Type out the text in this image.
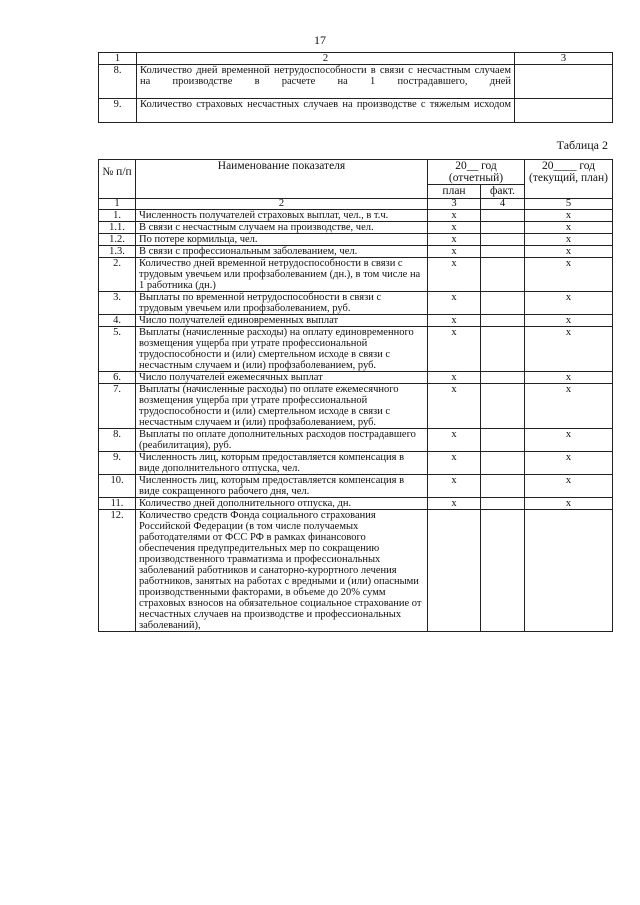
17
1	2	3
8.	Количество дней временной нетрудоспособности в связи с несчастным случаем на производстве в расчете на 1 пострадавшего, дней	
9.	Количество страховых несчастных случаев на производстве с тяжелым исходом	
Таблица 2
№ п/п	Наименование показателя	20__ год (отчетный)		20____ год (текущий, план)
		план	факт.	
1	2	3	4	5
1.	Численность получателей страховых выплат, чел., в т.ч.	x		x
1.1.	В связи с несчастным случаем на производстве, чел.	x		x
1.2.	По потере кормильца, чел.	x		x
1.3.	В связи с профессиональным заболеванием, чел.	x		x
2.	Количество дней временной нетрудоспособности в связи с трудовым увечьем или профзаболеванием (дн.), в том числе на 1 работника (дн.)	x		x
3.	Выплаты по временной нетрудоспособности в связи с трудовым увечьем или профзаболеванием, руб.	x		x
4.	Число получателей единовременных выплат	x		x
5.	Выплаты (начисленные расходы) на оплату единовременного возмещения ущерба при утрате профессиональной трудоспособности и (или) смертельном исходе в связи с несчастным случаем и (или) профзаболеванием, руб.	x		x
6.	Число получателей ежемесячных выплат	x		x
7.	Выплаты (начисленные расходы) по оплате ежемесячного возмещения ущерба при утрате профессиональной трудоспособности и (или) смертельном исходе в связи с несчастным случаем и (или) профзаболеванием, руб.	x		x
8.	Выплаты по оплате дополнительных расходов пострадавшего (реабилитация), руб.	x		x
9.	Численность лиц, которым предоставляется компенсация в виде дополнительного отпуска, чел.	x		x
10.	Численность лиц, которым предоставляется компенсация в виде сокращенного рабочего дня, чел.	x		x
11.	Количество дней дополнительного отпуска, дн.	x		x
12.	Количество средств Фонда социального страхования Российской Федерации (в том числе получаемых работодателями от ФСС РФ в рамках финансового обеспечения предупредительных мер по сокращению производственного травматизма и профессиональных заболеваний работников и санаторно-курортного лечения работников, занятых на работах с вредными и (или) опасными производственными факторами, в объеме до 20% сумм страховых взносов на обязательное социальное страхование от несчастных случаев на производстве и профессиональных заболеваний),			
